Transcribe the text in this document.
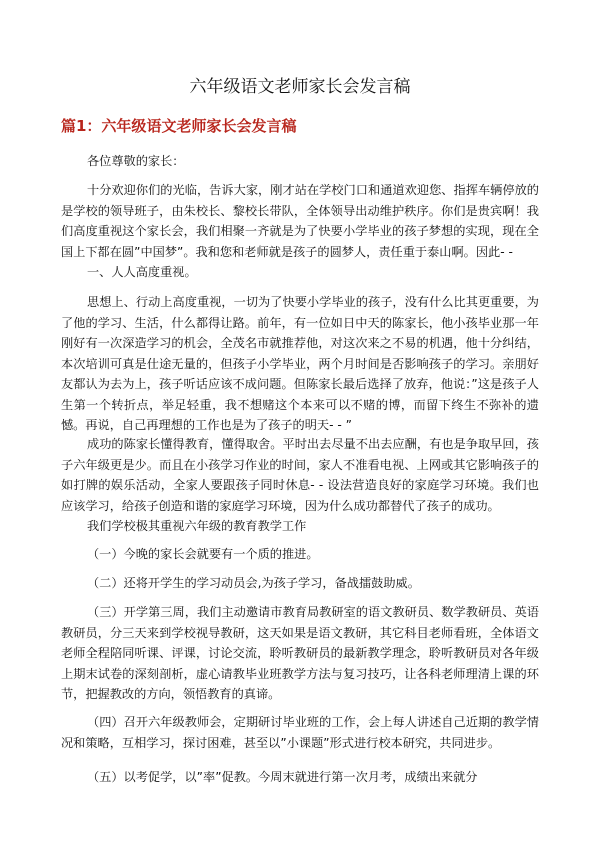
六年级语文老师家长会发言稿
篇1：六年级语文老师家长会发言稿

各位尊敬的家长：

十分欢迎你们的光临，告诉大家，刚才站在学校门口和通道欢迎您、指挥车辆停放的是学校的领导班子，由朱校长、黎校长带队，全体领导出动维护秩序。你们是贵宾啊！我们高度重视这个家长会，我们相聚一齐就是为了快要小学毕业的孩子梦想的实现，现在全国上下都在圆”中国梦”。我和您和老师就是孩子的圆梦人，责任重于泰山啊。因此- -

一、人人高度重视。

思想上、行动上高度重视，一切为了快要小学毕业的孩子，没有什么比其更重要，为了他的学习、生活，什么都得让路。前年，有一位如日中天的陈家长，他小孩毕业那一年刚好有一次深造学习的机会，全茂名市就推荐他，对这次来之不易的机遇，他十分纠结，本次培训可真是仕途无量的，但孩子小学毕业，两个月时间是否影响孩子的学习。亲朋好友都认为去为上，孩子听话应该不成问题。但陈家长最后选择了放弃，他说：”这是孩子人生第一个转折点，举足轻重，我不想赌这个本来可以不赌的博，而留下终生不弥补的遗憾。再说，自己再理想的工作也是为了孩子的明天- - ”

成功的陈家长懂得教育，懂得取舍。平时出去尽量不出去应酬，有也是争取早回，孩子六年级更是少。而且在小孩学习作业的时间，家人不准看电视、上网或其它影响孩子的如打牌的娱乐活动，全家人要跟孩子同时休息- - 设法营造良好的家庭学习环境。我们也应该学习，给孩子创造和谐的家庭学习环境，因为什么成功都替代了孩子的成功。

我们学校极其重视六年级的教育教学工作

（一）今晚的家长会就要有一个质的推进。

（二）还将开学生的学习动员会,为孩子学习，备战擂鼓助威。

（三）开学第三周，我们主动邀请市教育局教研室的语文教研员、数学教研员、英语教研员，分三天来到学校视导教研，这天如果是语文教研，其它科目老师看班，全体语文老师全程陪同听课、评课，讨论交流，聆听教研员的最新教学理念，聆听教研员对各年级上期末试卷的深刻剖析，虚心请教毕业班教学方法与复习技巧，让各科老师理清上课的环节，把握教改的方向，领悟教育的真谛。

（四）召开六年级教师会，定期研讨毕业班的工作，会上每人讲述自己近期的教学情况和策略，互相学习，探讨困难，甚至以”小课题”形式进行校本研究，共同进步。

（五）以考促学，以”率”促教。今周末就进行第一次月考，成绩出来就分
